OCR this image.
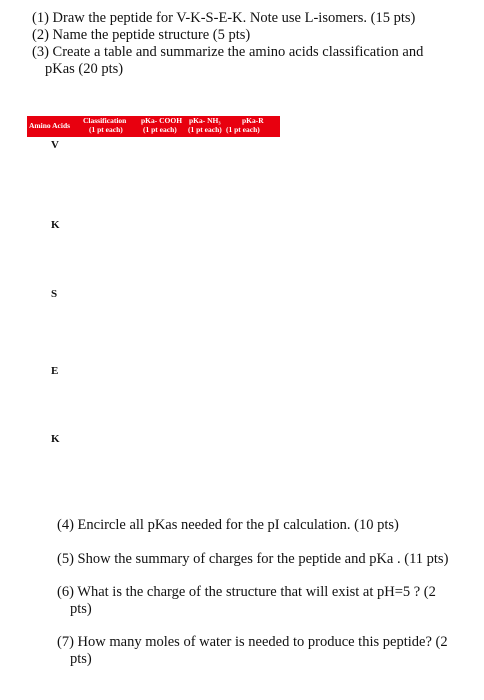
(1) Draw the peptide for V-K-S-E-K. Note use L-isomers. (15 pts)
(2) Name the peptide structure (5 pts)
(3) Create a table and summarize the amino acids classification and
pKas (20 pts)
Amino Acids
Classification
(1 pt each)
pKa- COOH
(1 pt each)
pKa- NH₃
(1 pt each)
pKa-R
(1 pt each)
V
K
S
E
K
(4) Encircle all pKas needed for the pI calculation. (10 pts)
(5) Show the summary of charges for the peptide and pKa . (11 pts)
(6) What is the charge of the structure that will exist at pH=5 ? (2
pts)
(7) How many moles of water is needed to produce this peptide? (2
pts)
